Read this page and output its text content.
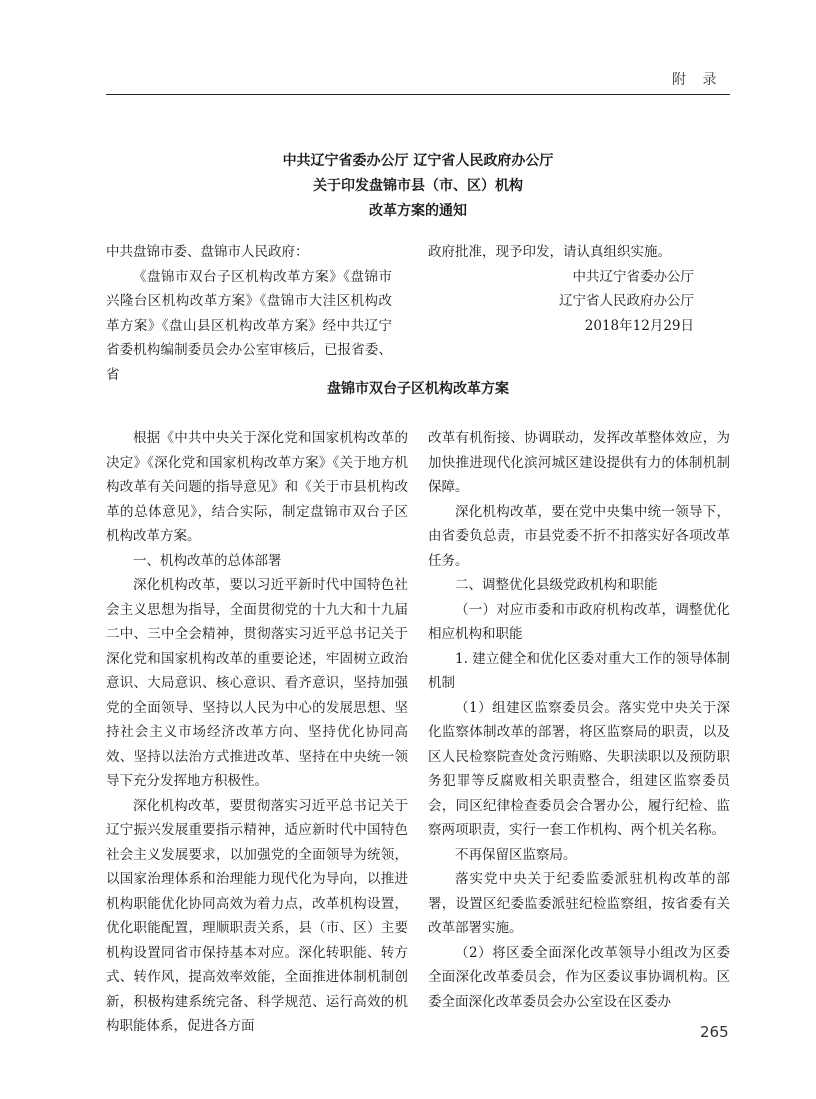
附 录
中共辽宁省委办公厅 辽宁省人民政府办公厅
关于印发盘锦市县（市、区）机构
改革方案的通知

中共盘锦市委、盘锦市人民政府：

《盘锦市双台子区机构改革方案》《盘锦市兴隆台区机构改革方案》《盘锦市大洼区机构改革方案》《盘山县区机构改革方案》经中共辽宁省委机构编制委员会办公室审核后，已报省委、省

政府批准，现予印发，请认真组织实施。

中共辽宁省委办公厅

辽宁省人民政府办公厅

2018年12月29日

盘锦市双台子区机构改革方案

根据《中共中央关于深化党和国家机构改革的决定》《深化党和国家机构改革方案》《关于地方机构改革有关问题的指导意见》和《关于市县机构改革的总体意见》，结合实际，制定盘锦市双台子区机构改革方案。

一、机构改革的总体部署

深化机构改革，要以习近平新时代中国特色社会主义思想为指导，全面贯彻党的十九大和十九届二中、三中全会精神，贯彻落实习近平总书记关于深化党和国家机构改革的重要论述，牢固树立政治意识、大局意识、核心意识、看齐意识，坚持加强党的全面领导、坚持以人民为中心的发展思想、坚持社会主义市场经济改革方向、坚持优化协同高效、坚持以法治方式推进改革、坚持在中央统一领导下充分发挥地方积极性。

深化机构改革，要贯彻落实习近平总书记关于辽宁振兴发展重要指示精神，适应新时代中国特色社会主义发展要求，以加强党的全面领导为统领，以国家治理体系和治理能力现代化为导向，以推进机构职能优化协同高效为着力点，改革机构设置，优化职能配置，理顺职责关系，县（市、区）主要机构设置同省市保持基本对应。深化转职能、转方式、转作风，提高效率效能，全面推进体制机制创新，积极构建系统完备、科学规范、运行高效的机构职能体系，促进各方面

改革有机衔接、协调联动，发挥改革整体效应，为加快推进现代化滨河城区建设提供有力的体制机制保障。

深化机构改革，要在党中央集中统一领导下，由省委负总责，市县党委不折不扣落实好各项改革任务。

二、调整优化县级党政机构和职能

（一）对应市委和市政府机构改革，调整优化相应机构和职能

1. 建立健全和优化区委对重大工作的领导体制机制

（1）组建区监察委员会。落实党中央关于深化监察体制改革的部署，将区监察局的职责，以及区人民检察院查处贪污贿赂、失职渎职以及预防职务犯罪等反腐败相关职责整合，组建区监察委员会，同区纪律检查委员会合署办公，履行纪检、监察两项职责，实行一套工作机构、两个机关名称。

不再保留区监察局。

落实党中央关于纪委监委派驻机构改革的部署，设置区纪委监委派驻纪检监察组，按省委有关改革部署实施。

（2）将区委全面深化改革领导小组改为区委全面深化改革委员会，作为区委议事协调机构。区委全面深化改革委员会办公室设在区委办

265
